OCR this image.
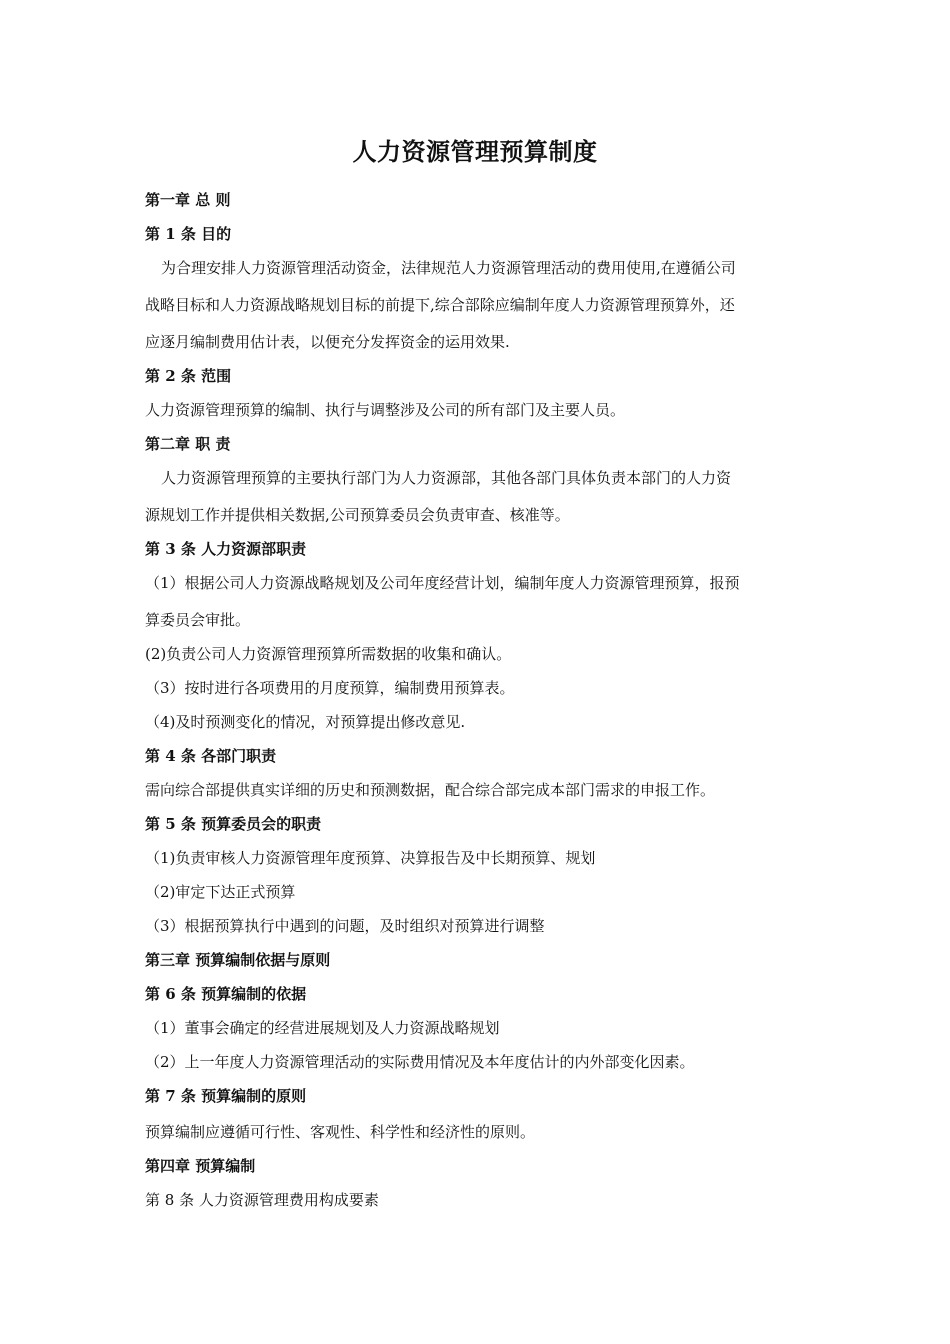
人力资源管理预算制度
第一章 总 则
第 1 条 目的
为合理安排人力资源管理活动资金，法律规范人力资源管理活动的费用使用,在遵循公司
战略目标和人力资源战略规划目标的前提下,综合部除应编制年度人力资源管理预算外，还
应逐月编制费用估计表，以便充分发挥资金的运用效果.
第 2 条 范围
人力资源管理预算的编制、执行与调整涉及公司的所有部门及主要人员。
第二章 职 责
人力资源管理预算的主要执行部门为人力资源部，其他各部门具体负责本部门的人力资
源规划工作并提供相关数据,公司预算委员会负责审查、核准等。
第 3 条 人力资源部职责
（1）根据公司人力资源战略规划及公司年度经营计划，编制年度人力资源管理预算，报预
算委员会审批。
(2)负责公司人力资源管理预算所需数据的收集和确认。
（3）按时进行各项费用的月度预算，编制费用预算表。
（4)及时预测变化的情况，对预算提出修改意见.
第 4 条 各部门职责
需向综合部提供真实详细的历史和预测数据，配合综合部完成本部门需求的申报工作。
第 5 条 预算委员会的职责
（1)负责审核人力资源管理年度预算、决算报告及中长期预算、规划
（2)审定下达正式预算
（3）根据预算执行中遇到的问题，及时组织对预算进行调整
第三章 预算编制依据与原则
第 6 条 预算编制的依据
（1）董事会确定的经营进展规划及人力资源战略规划
（2）上一年度人力资源管理活动的实际费用情况及本年度估计的内外部变化因素。
第 7 条 预算编制的原则
预算编制应遵循可行性、客观性、科学性和经济性的原则。
第四章 预算编制
第 8 条 人力资源管理费用构成要素
